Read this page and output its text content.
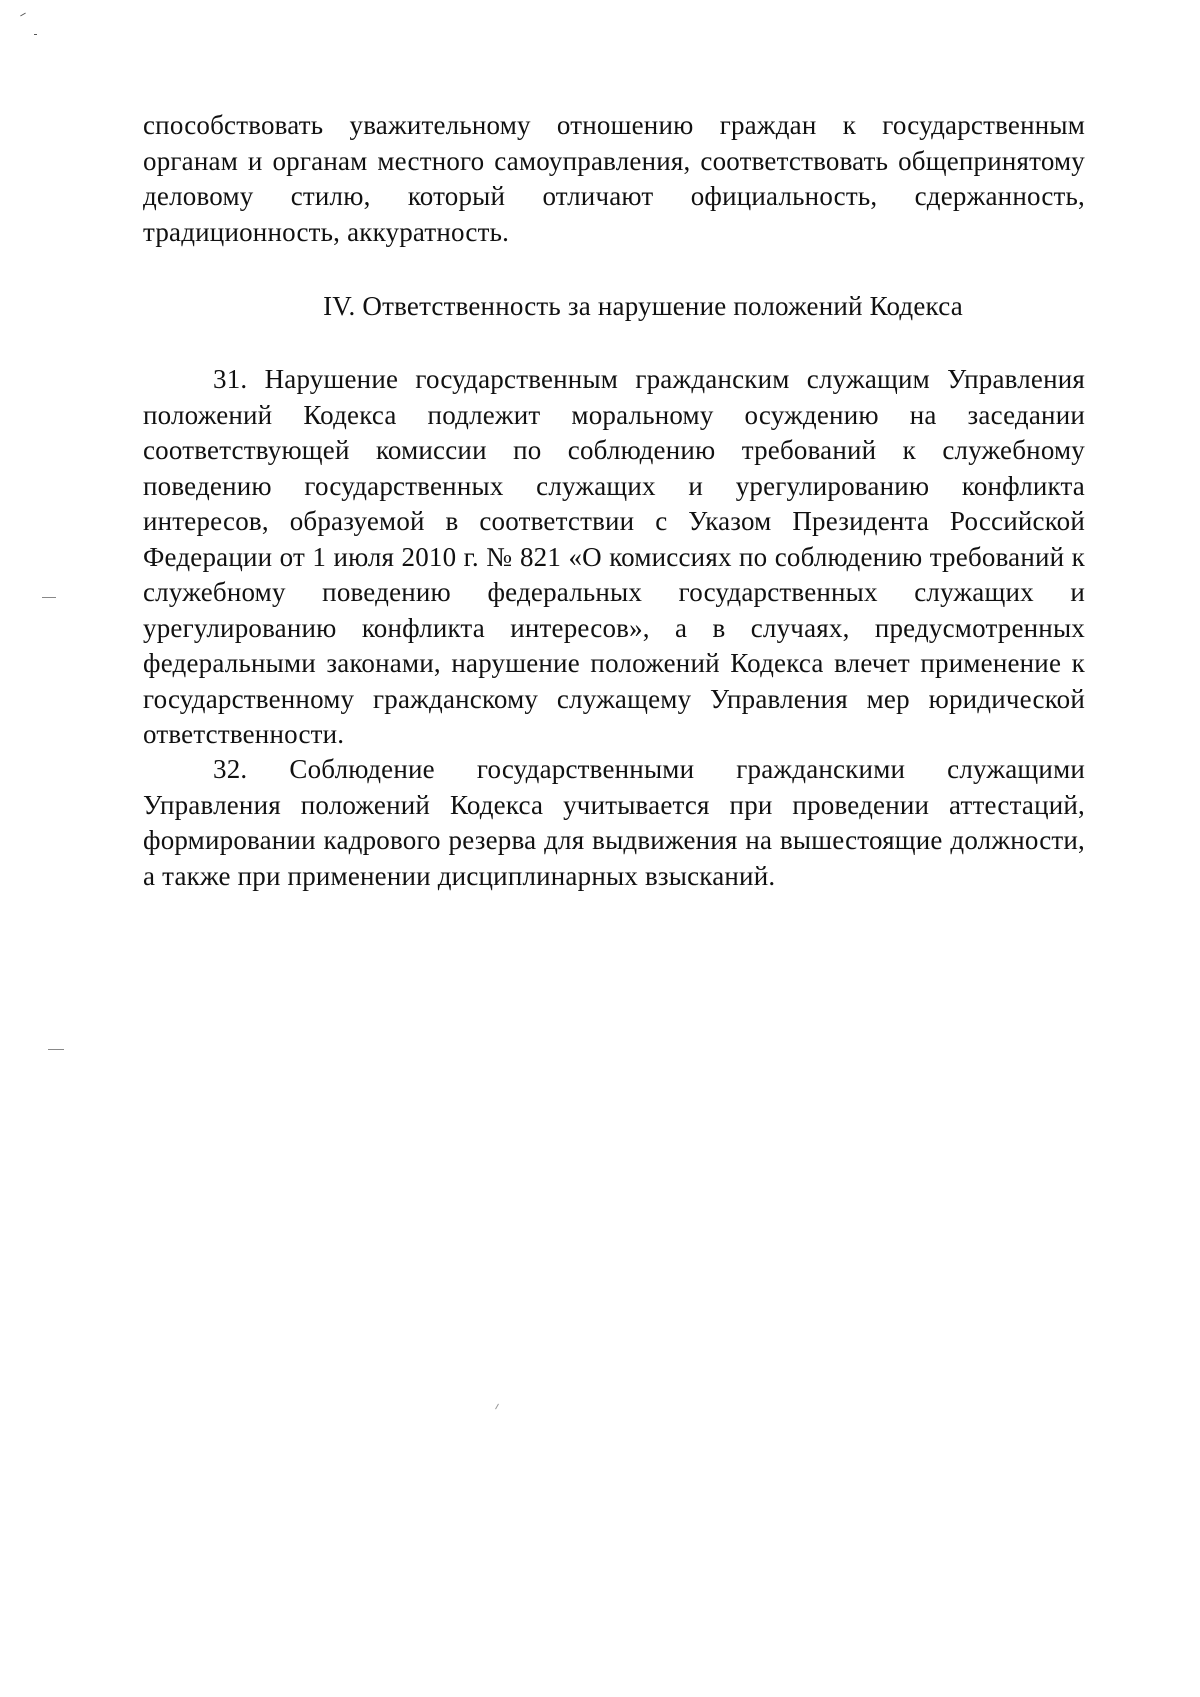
способствовать уважительному отношению граждан к государственным органам и органам местного самоуправления, соответствовать общепринятому деловому стилю, который отличают официальность, сдержанность, традиционность, аккуратность.

IV. Ответственность за нарушение положений Кодекса

31. Нарушение государственным гражданским служащим Управления положений Кодекса подлежит моральному осуждению на заседании соответствующей комиссии по соблюдению требований к служебному поведению государственных служащих и урегулированию конфликта интересов, образуемой в соответствии с Указом Президента Российской Федерации от 1 июля 2010 г. № 821 «О комиссиях по соблюдению требований к служебному поведению федеральных государственных служащих и урегулированию конфликта интересов», а в случаях, предусмотренных федеральными законами, нарушение положений Кодекса влечет применение к государственному гражданскому служащему Управления мер юридической ответственности.

32. Соблюдение государственными гражданскими служащими Управления положений Кодекса учитывается при проведении аттестаций, формировании кадрового резерва для выдвижения на вышестоящие должности, а также при применении дисциплинарных взысканий.
